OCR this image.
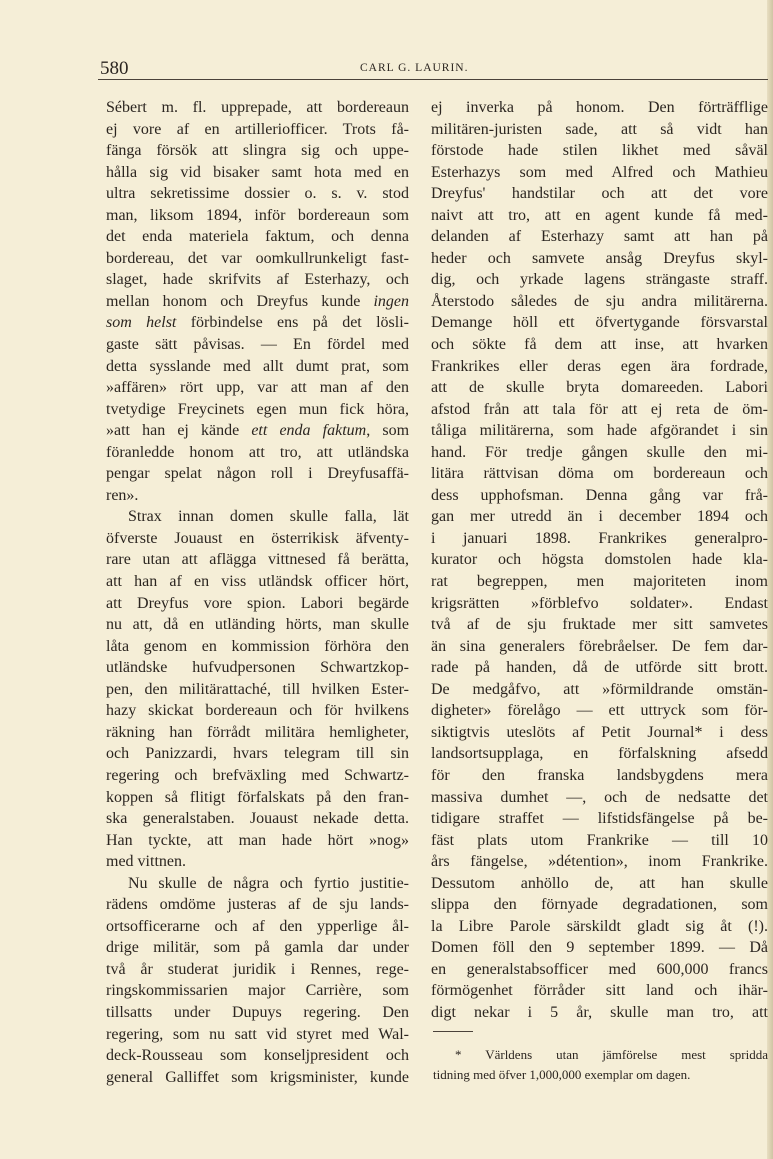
580	CARL G. LAURIN.
Sébert m. fl. upprepade, att bordereaun
ej vore af en artilleriofficer. Trots få-
fänga försök att slingra sig och uppe-
hålla sig vid bisaker samt hota med en
ultra sekretissime dossier o. s. v. stod
man, liksom 1894, inför bordereaun som
det enda materiela faktum, och denna
bordereau, det var oomkullrunkeligt fast-
slaget, hade skrifvits af Esterhazy, och
mellan honom och Dreyfus kunde ingen
som helst förbindelse ens på det lösli-
gaste sätt påvisas. — En fördel med
detta sysslande med allt dumt prat, som
»affären» rört upp, var att man af den
tvetydige Freycinets egen mun fick höra,
»att han ej kände ett enda faktum, som
föranledde honom att tro, att utländska
pengar spelat någon roll i Dreyfusaffä-
ren».
Strax innan domen skulle falla, lät
öfverste Jouaust en österrikisk äfventy-
rare utan att aflägga vittnesed få berätta,
att han af en viss utländsk officer hört,
att Dreyfus vore spion. Labori begärde
nu att, då en utländing hörts, man skulle
låta genom en kommission förhöra den
utländske hufvudpersonen Schwartzkop-
pen, den militärattaché, till hvilken Ester-
hazy skickat bordereaun och för hvilkens
räkning han förrådt militära hemligheter,
och Panizzardi, hvars telegram till sin
regering och brefväxling med Schwartz-
koppen så flitigt förfalskats på den fran-
ska generalstaben. Jouaust nekade detta.
Han tyckte, att man hade hört »nog»
med vittnen.
Nu skulle de några och fyrtio justitie-
rädens omdöme justeras af de sju lands-
ortsofficerarne och af den ypperlige ål-
drige militär, som på gamla dar under
två år studerat juridik i Rennes, rege-
ringskommissarien major Carrière, som
tillsatts under Dupuys regering. Den
regering, som nu satt vid styret med Wal-
deck-Rousseau som konseljpresident och
general Galliffet som krigsminister, kunde
ej inverka på honom. Den förträfflige
militären-juristen sade, att så vidt han
förstode hade stilen likhet med såväl
Esterhazys som med Alfred och Mathieu
Dreyfus' handstilar och att det vore
naivt att tro, att en agent kunde få med-
delanden af Esterhazy samt att han på
heder och samvete ansåg Dreyfus skyl-
dig, och yrkade lagens strängaste straff.
Återstodo således de sju andra militärerna.
Demange höll ett öfvertygande försvarstal
och sökte få dem att inse, att hvarken
Frankrikes eller deras egen ära fordrade,
att de skulle bryta domareeden. Labori
afstod från att tala för att ej reta de öm-
tåliga militärerna, som hade afgörandet i sin
hand. För tredje gången skulle den mi-
litära rättvisan döma om bordereaun och
dess upphofsman. Denna gång var frå-
gan mer utredd än i december 1894 och
i januari 1898. Frankrikes generalpro-
kurator och högsta domstolen hade kla-
rat begreppen, men majoriteten inom
krigsrätten »förblefvo soldater». Endast
två af de sju fruktade mer sitt samvetes
än sina generalers förebråelser. De fem dar-
rade på handen, då de utförde sitt brott.
De medgåfvo, att »förmildrande omstän-
digheter» förelågo — ett uttryck som för-
siktigtvis uteslöts af Petit Journal* i dess
landsortsupplaga, en förfalskning afsedd
för den franska landsbygdens mera
massiva dumhet —, och de nedsatte det
tidigare straffet — lifstidsfängelse på be-
fäst plats utom Frankrike — till 10
års fängelse, »détention», inom Frankrike.
Dessutom anhöllo de, att han skulle
slippa den förnyade degradationen, som
la Libre Parole särskildt gladt sig åt (!).
Domen föll den 9 september 1899. — Då
en generalstabsofficer med 600,000 francs
förmögenhet förråder sitt land och ihär-
digt nekar i 5 år, skulle man tro, att
* Världens utan jämförelse mest spridda
tidning med öfver 1,000,000 exemplar om dagen.
